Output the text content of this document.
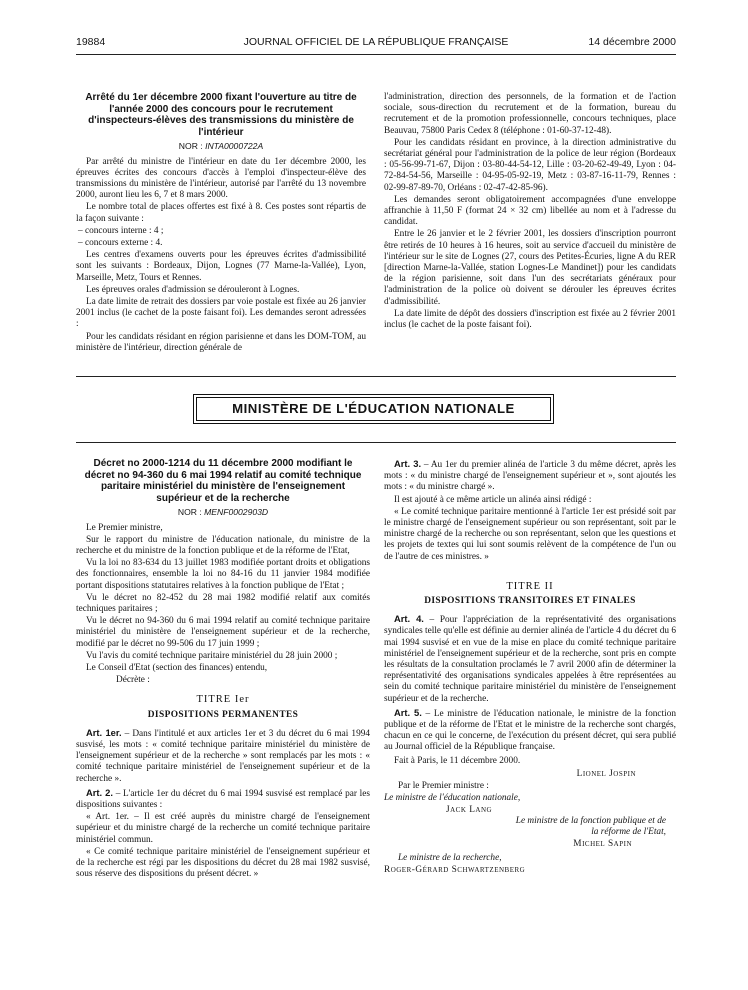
19884	JOURNAL OFFICIEL DE LA RÉPUBLIQUE FRANÇAISE	14 décembre 2000
Arrêté du 1er décembre 2000 fixant l'ouverture au titre de l'année 2000 des concours pour le recrutement d'inspecteurs-élèves des transmissions du ministère de l'intérieur
NOR : INTA0000722A

Par arrêté du ministre de l'intérieur en date du 1er décembre 2000, les épreuves écrites des concours d'accès à l'emploi d'inspecteur-élève des transmissions du ministère de l'intérieur, autorisé par l'arrêté du 13 novembre 2000, auront lieu les 6, 7 et 8 mars 2000.

Le nombre total de places offertes est fixé à 8. Ces postes sont répartis de la façon suivante :

– concours interne : 4 ;

– concours externe : 4.

Les centres d'examens ouverts pour les épreuves écrites d'admissibilité sont les suivants : Bordeaux, Dijon, Lognes (77 Marne-la-Vallée), Lyon, Marseille, Metz, Tours et Rennes.

Les épreuves orales d'admission se dérouleront à Lognes.

La date limite de retrait des dossiers par voie postale est fixée au 26 janvier 2001 inclus (le cachet de la poste faisant foi). Les demandes seront adressées :

Pour les candidats résidant en région parisienne et dans les DOM-TOM, au ministère de l'intérieur, direction générale de

l'administration, direction des personnels, de la formation et de l'action sociale, sous-direction du recrutement et de la formation, bureau du recrutement et de la promotion professionnelle, concours techniques, place Beauvau, 75800 Paris Cedex 8 (téléphone : 01-60-37-12-48).

Pour les candidats résidant en province, à la direction administrative du secrétariat général pour l'administration de la police de leur région (Bordeaux : 05-56-99-71-67, Dijon : 03-80-44-54-12, Lille : 03-20-62-49-49, Lyon : 04-72-84-54-56, Marseille : 04-95-05-92-19, Metz : 03-87-16-11-79, Rennes : 02-99-87-89-70, Orléans : 02-47-42-85-96).

Les demandes seront obligatoirement accompagnées d'une enveloppe affranchie à 11,50 F (format 24 × 32 cm) libellée au nom et à l'adresse du candidat.

Entre le 26 janvier et le 2 février 2001, les dossiers d'inscription pourront être retirés de 10 heures à 16 heures, soit au service d'accueil du ministère de l'intérieur sur le site de Lognes (27, cours des Petites-Écuries, ligne A du RER [direction Marne-la-Vallée, station Lognes-Le Mandinet]) pour les candidats de la région parisienne, soit dans l'un des secrétariats généraux pour l'administration de la police où doivent se dérouler les épreuves écrites d'admissibilité.

La date limite de dépôt des dossiers d'inscription est fixée au 2 février 2001 inclus (le cachet de la poste faisant foi).

MINISTÈRE DE L'ÉDUCATION NATIONALE
Décret no 2000-1214 du 11 décembre 2000 modifiant le décret no 94-360 du 6 mai 1994 relatif au comité technique paritaire ministériel du ministère de l'enseignement supérieur et de la recherche
NOR : MENF0002903D

Le Premier ministre,

Sur le rapport du ministre de l'éducation nationale, du ministre de la recherche et du ministre de la fonction publique et de la réforme de l'Etat,

Vu la loi no 83-634 du 13 juillet 1983 modifiée portant droits et obligations des fonctionnaires, ensemble la loi no 84-16 du 11 janvier 1984 modifiée portant dispositions statutaires relatives à la fonction publique de l'Etat ;

Vu le décret no 82-452 du 28 mai 1982 modifié relatif aux comités techniques paritaires ;

Vu le décret no 94-360 du 6 mai 1994 relatif au comité technique paritaire ministériel du ministère de l'enseignement supérieur et de la recherche, modifié par le décret no 99-506 du 17 juin 1999 ;

Vu l'avis du comité technique paritaire ministériel du 28 juin 2000 ;

Le Conseil d'Etat (section des finances) entendu,

Décrète :

TITRE Ier
DISPOSITIONS PERMANENTES

Art. 1er. – Dans l'intitulé et aux articles 1er et 3 du décret du 6 mai 1994 susvisé, les mots : « comité technique paritaire ministériel du ministère de l'enseignement supérieur et de la recherche » sont remplacés par les mots : « comité technique paritaire ministériel de l'enseignement supérieur et de la recherche ».

Art. 2. – L'article 1er du décret du 6 mai 1994 susvisé est remplacé par les dispositions suivantes :

« Art. 1er. – Il est créé auprès du ministre chargé de l'enseignement supérieur et du ministre chargé de la recherche un comité technique paritaire ministériel commun.

« Ce comité technique paritaire ministériel de l'enseignement supérieur et de la recherche est régi par les dispositions du décret du 28 mai 1982 susvisé, sous réserve des dispositions du présent décret. »

Art. 3. – Au 1er du premier alinéa de l'article 3 du même décret, après les mots : « du ministre chargé de l'enseignement supérieur et », sont ajoutés les mots : « du ministre chargé ».

Il est ajouté à ce même article un alinéa ainsi rédigé :

« Le comité technique paritaire mentionné à l'article 1er est présidé soit par le ministre chargé de l'enseignement supérieur ou son représentant, soit par le ministre chargé de la recherche ou son représentant, selon que les questions et les projets de textes qui lui sont soumis relèvent de la compétence de l'un ou de l'autre de ces ministres. »

TITRE II
DISPOSITIONS TRANSITOIRES ET FINALES

Art. 4. – Pour l'appréciation de la représentativité des organisations syndicales telle qu'elle est définie au dernier alinéa de l'article 4 du décret du 6 mai 1994 susvisé et en vue de la mise en place du comité technique paritaire ministériel de l'enseignement supérieur et de la recherche, sont pris en compte les résultats de la consultation proclamés le 7 avril 2000 afin de déterminer la représentativité des organisations syndicales appelées à être représentées au sein du comité technique paritaire ministériel du ministère de l'enseignement supérieur et de la recherche.

Art. 5. – Le ministre de l'éducation nationale, le ministre de la fonction publique et de la réforme de l'Etat et le ministre de la recherche sont chargés, chacun en ce qui le concerne, de l'exécution du présent décret, qui sera publié au Journal officiel de la République française.

Fait à Paris, le 11 décembre 2000.

Lionel Jospin
Par le Premier ministre :
Le ministre de l'éducation nationale,
Jack Lang
Le ministre de la fonction publique et de la réforme de l'Etat,
Michel Sapin
Le ministre de la recherche,
Roger-Gérard Schwartzenberg
